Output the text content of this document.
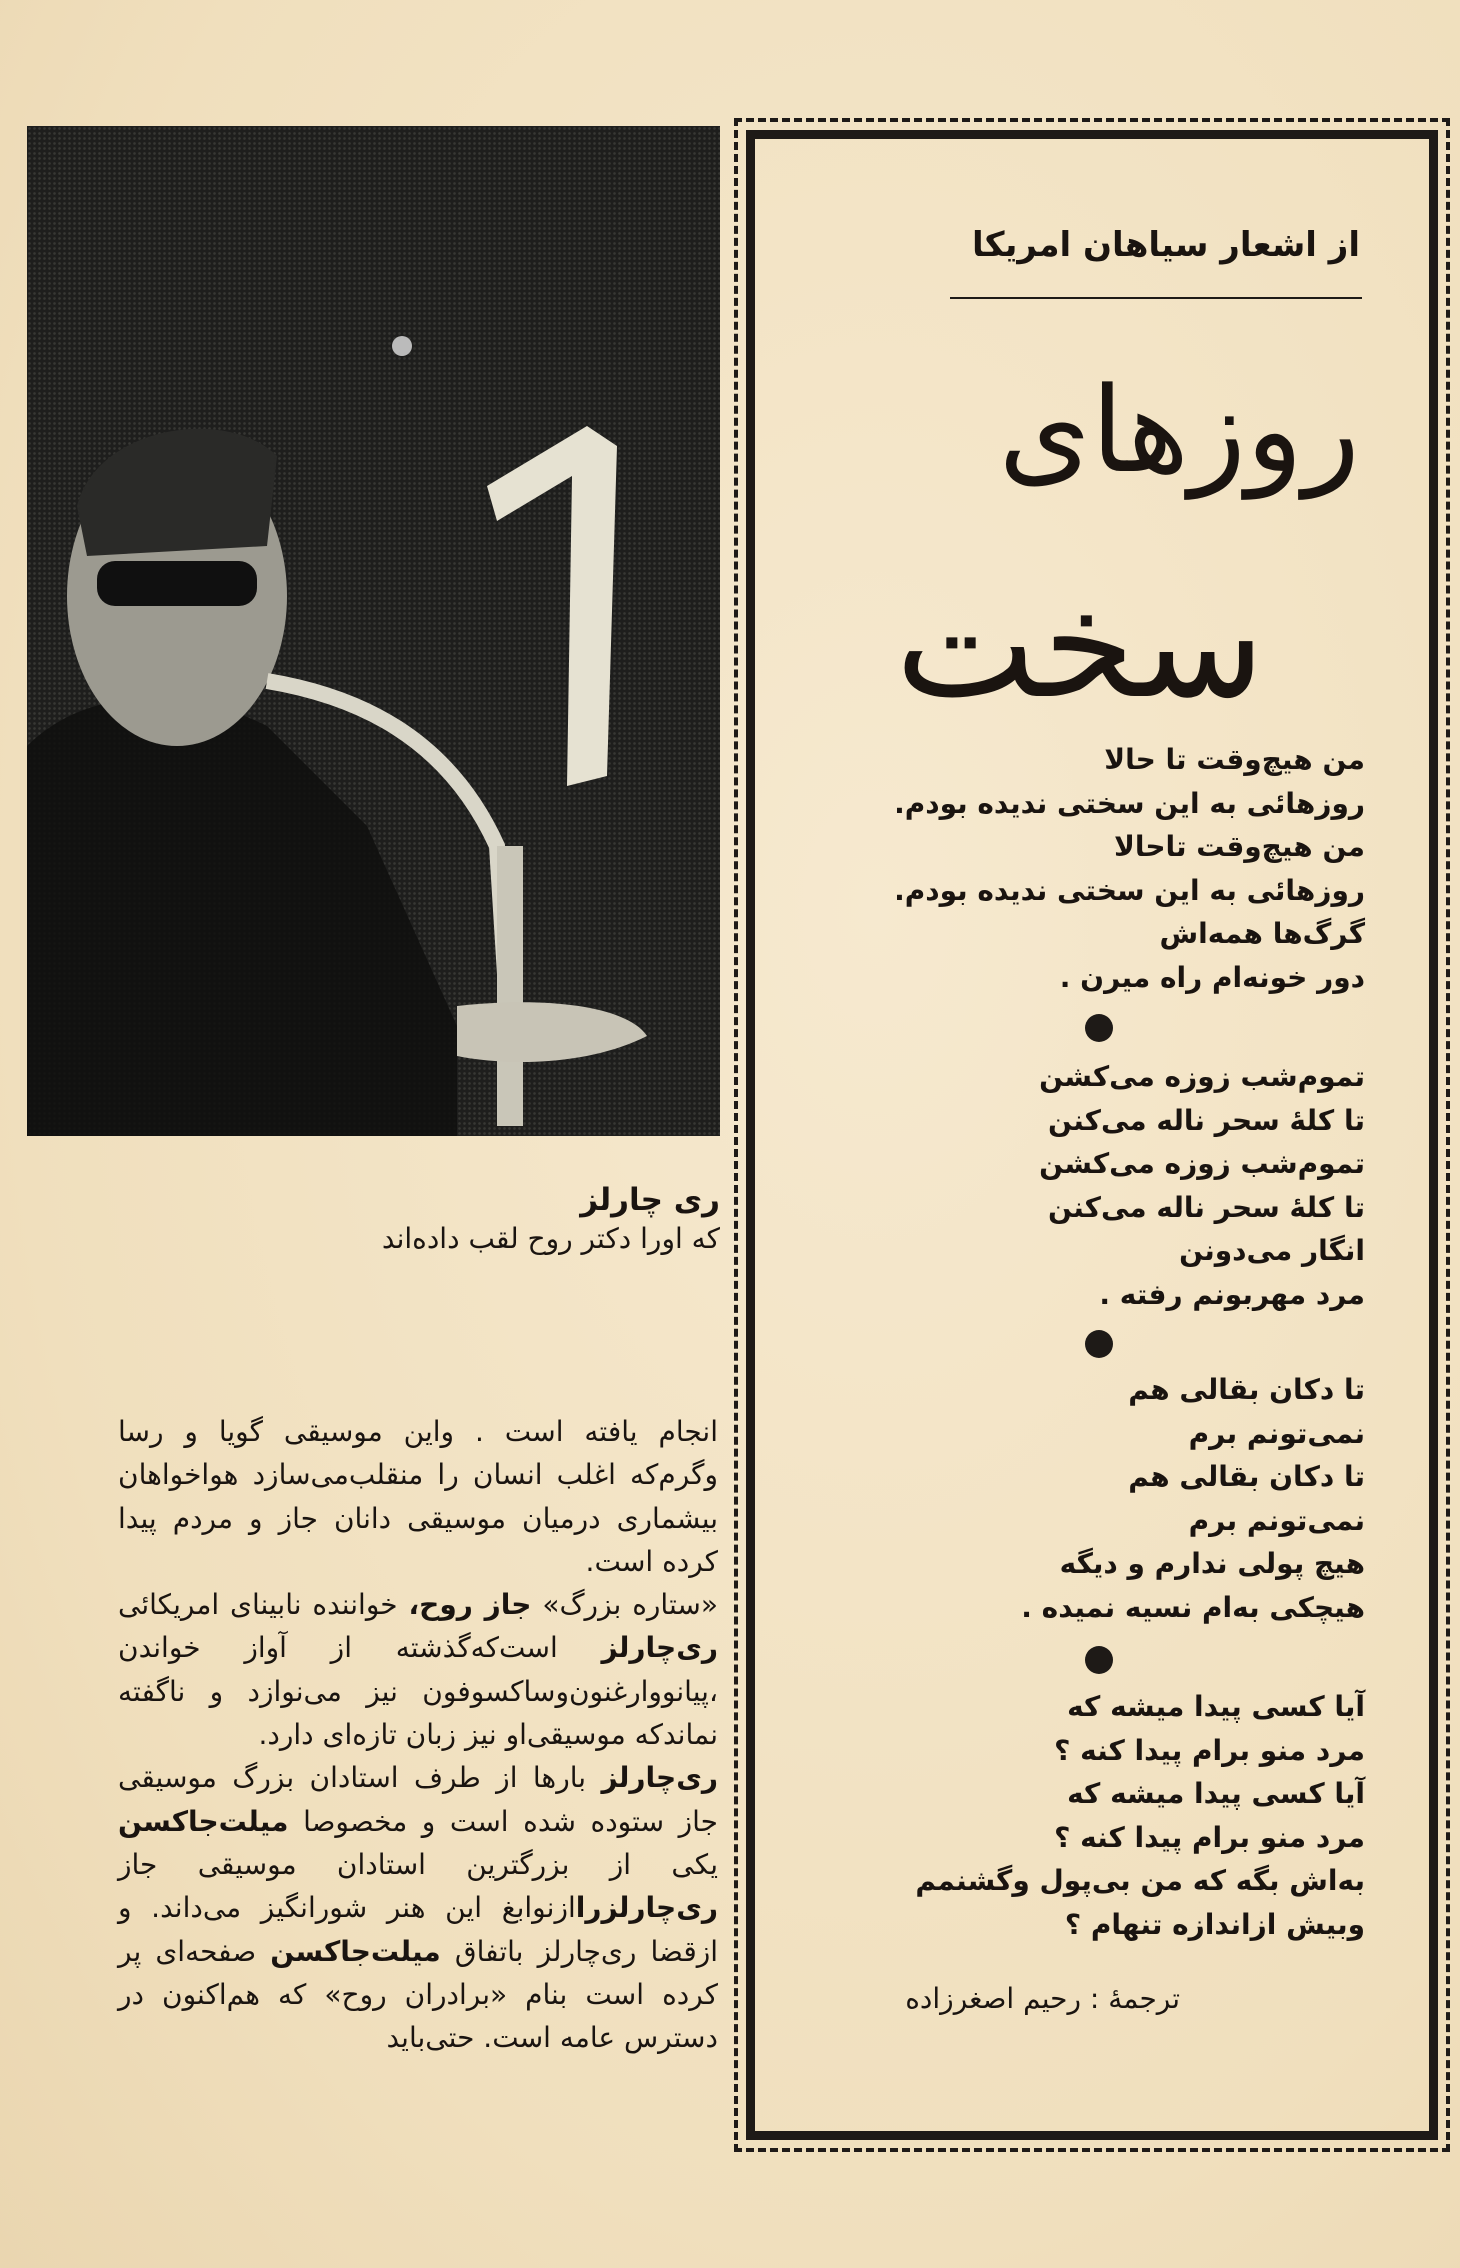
ری چارلز
که اورا دکتر روح لقب داده‌اند

انجام یافته است . واین موسیقی گویا و رسا وگرم‌که اغلب انسان را منقلب‌می‌سازد هواخواهان بیشماری درمیان موسیقی دانان جاز و مردم پیدا کرده است.

«ستاره بزرگ» جاز روح، خواننده نابینای امریکائی ری‌چارلز است‌که‌گذشته از آواز خواندن ،پیانووارغنون‌وساکسوفون نیز می‌نوازد و ناگفته نماندکه موسیقی‌او نیز زبان تازه‌ای دارد.

ری‌چارلز بارها از طرف استادان بزرگ موسیقی جاز ستوده شده است و مخصوصا میلت‌جاکسن یکی از بزرگترین استادان موسیقی جاز ری‌چارلزراازنوابغ این هنر شورانگیز می‌داند. و ازقضا ری‌چارلز باتفاق میلت‌جاکسن صفحه‌ای پر کرده است بنام «برادران روح» که هم‌اکنون در دسترس عامه است. حتی‌باید

از اشعار سیاهان امریکا
روزهای
سخت
من هیچ‌وقت تا حالا
روزهائی به این سختی ندیده بودم.
من هیچ‌وقت تاحالا
روزهائی به این سختی ندیده بودم.
گرگ‌ها همه‌اش
دور خونه‌ام راه میرن .
تموم‌شب زوزه می‌کشن
تا کلهٔ سحر ناله می‌کنن
تموم‌شب زوزه می‌کشن
تا کلهٔ سحر ناله می‌کنن
انگار می‌دونن
مرد مهربونم رفته .
تا دکان بقالی هم
نمی‌تونم برم
تا دکان بقالی هم
نمی‌تونم برم
هیچ پولی ندارم و دیگه
هیچکی به‌ام نسیه نمیده .
آیا کسی پیدا میشه که
مرد منو برام پیدا کنه ؟
آیا کسی پیدا میشه که
مرد منو برام پیدا کنه ؟
به‌اش بگه که من بی‌پول وگشنمم
وبیش ازاندازه تنهام ؟
ترجمهٔ : رحیم اصغرزاده
